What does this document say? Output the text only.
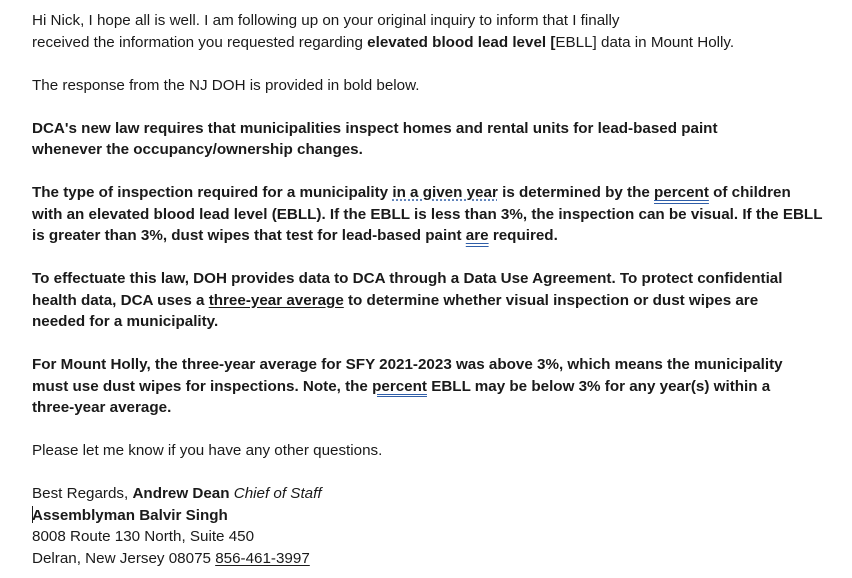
Hi Nick, I hope all is well. I am following up on your original inquiry to inform that I finally
received the information you requested regarding elevated blood lead level [EBLL] data in Mount Holly.
The response from the NJ DOH is provided in bold below.
DCA's new law requires that municipalities inspect homes and rental units for lead-based paint
whenever the occupancy/ownership changes.
The type of inspection required for a municipality in a given year is determined by the percent of children
with an elevated blood lead level (EBLL). If the EBLL is less than 3%, the inspection can be visual. If the EBLL
is greater than 3%, dust wipes that test for lead-based paint are required.
To effectuate this law, DOH provides data to DCA through a Data Use Agreement. To protect confidential
health data, DCA uses a three-year average to determine whether visual inspection or dust wipes are
needed for a municipality.
For Mount Holly, the three-year average for SFY 2021-2023 was above 3%, which means the municipality
must use dust wipes for inspections. Note, the percent EBLL may be below 3% for any year(s) within a
three-year average.
Please let me know if you have any other questions.
Best Regards, Andrew Dean Chief of Staff
Assemblyman Balvir Singh
8008 Route 130 North, Suite 450
Delran, New Jersey 08075 856-461-3997
